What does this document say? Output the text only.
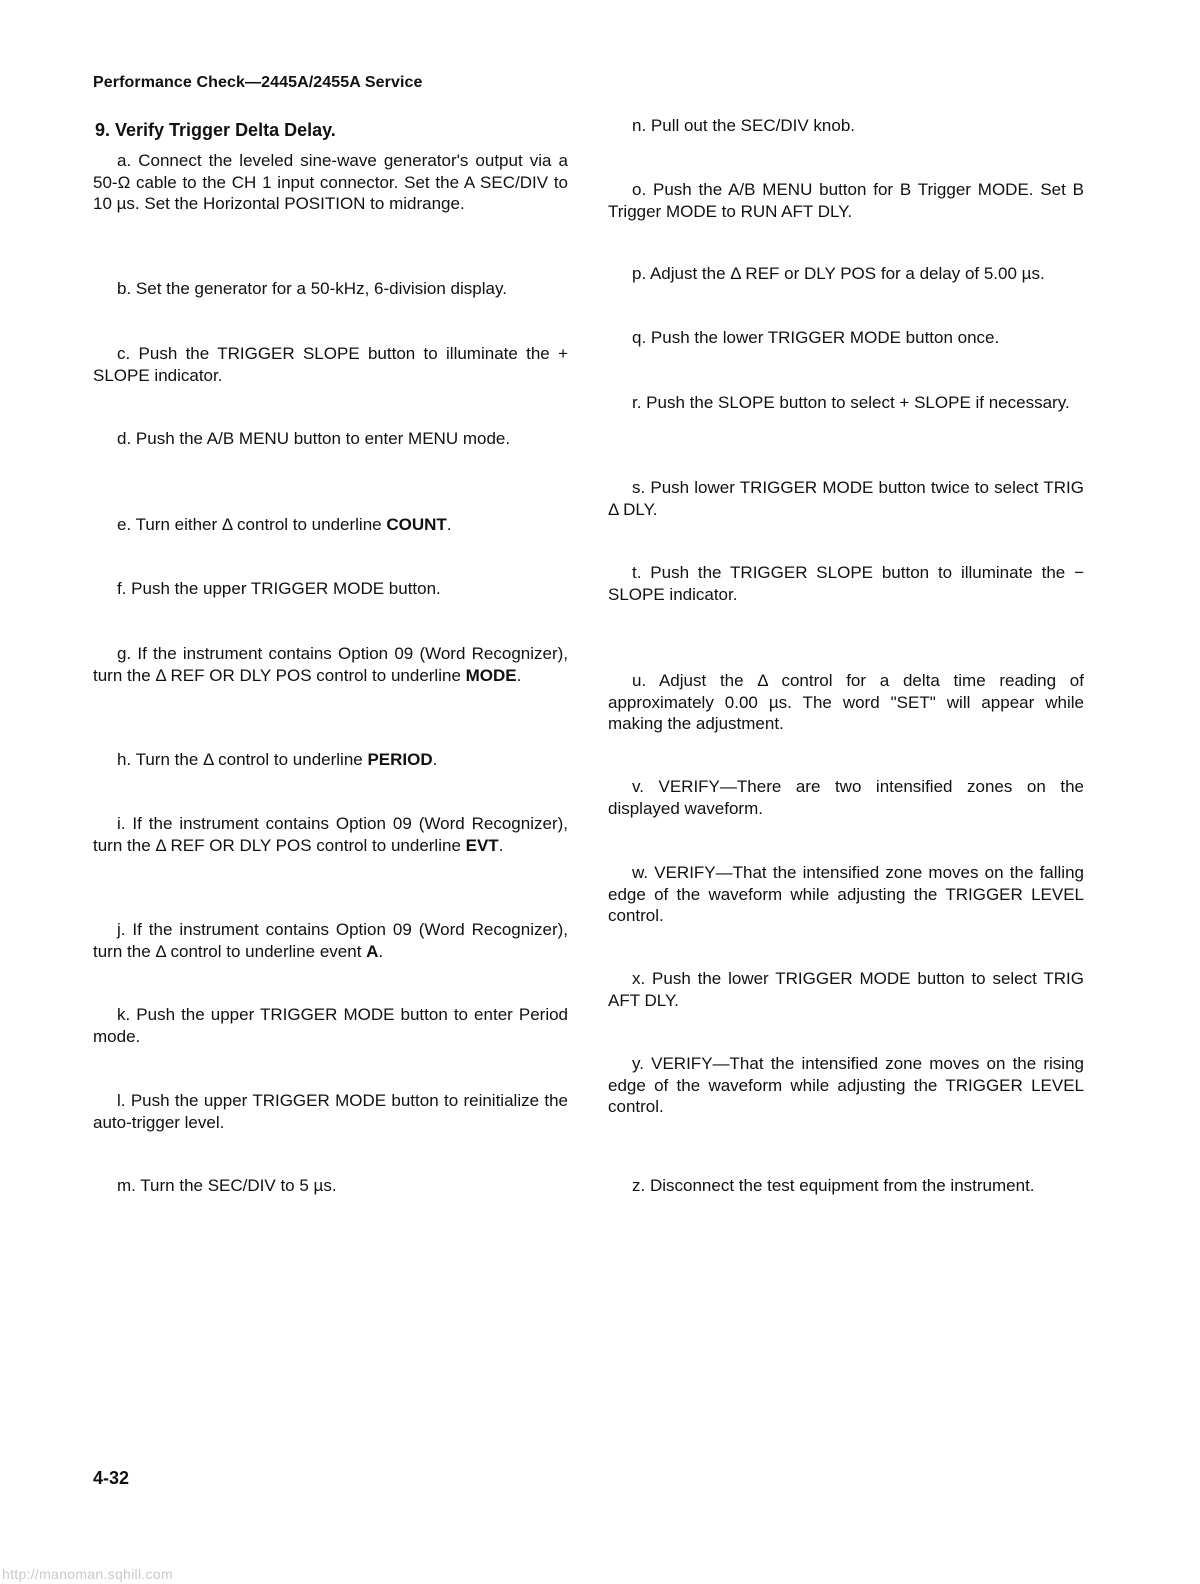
Performance Check—2445A/2455A Service
9. Verify Trigger Delta Delay.

a. Connect the leveled sine-wave generator's output via a 50-Ω cable to the CH 1 input connector. Set the A SEC/DIV to 10 µs. Set the Horizontal POSITION to midrange.

b. Set the generator for a 50-kHz, 6-division display.

c. Push the TRIGGER SLOPE button to illuminate the + SLOPE indicator.

d. Push the A/B MENU button to enter MENU mode.

e. Turn either Δ control to underline COUNT.

f. Push the upper TRIGGER MODE button.

g. If the instrument contains Option 09 (Word Recognizer), turn the Δ REF OR DLY POS control to underline MODE.

h. Turn the Δ control to underline PERIOD.

i. If the instrument contains Option 09 (Word Recognizer), turn the Δ REF OR DLY POS control to underline EVT.

j. If the instrument contains Option 09 (Word Recognizer), turn the Δ control to underline event A.

k. Push the upper TRIGGER MODE button to enter Period mode.

l. Push the upper TRIGGER MODE button to reinitialize the auto-trigger level.

m. Turn the SEC/DIV to 5 µs.

n. Pull out the SEC/DIV knob.

o. Push the A/B MENU button for B Trigger MODE. Set B Trigger MODE to RUN AFT DLY.

p. Adjust the Δ REF or DLY POS for a delay of 5.00 µs.

q. Push the lower TRIGGER MODE button once.

r. Push the SLOPE button to select + SLOPE if necessary.

s. Push lower TRIGGER MODE button twice to select TRIG Δ DLY.

t. Push the TRIGGER SLOPE button to illuminate the − SLOPE indicator.

u. Adjust the Δ control for a delta time reading of approximately 0.00 µs. The word "SET" will appear while making the adjustment.

v. VERIFY—There are two intensified zones on the displayed waveform.

w. VERIFY—That the intensified zone moves on the falling edge of the waveform while adjusting the TRIGGER LEVEL control.

x. Push the lower TRIGGER MODE button to select TRIG AFT DLY.

y. VERIFY—That the intensified zone moves on the rising edge of the waveform while adjusting the TRIGGER LEVEL control.

z. Disconnect the test equipment from the instrument.

4-32
http://manoman.sqhill.com
